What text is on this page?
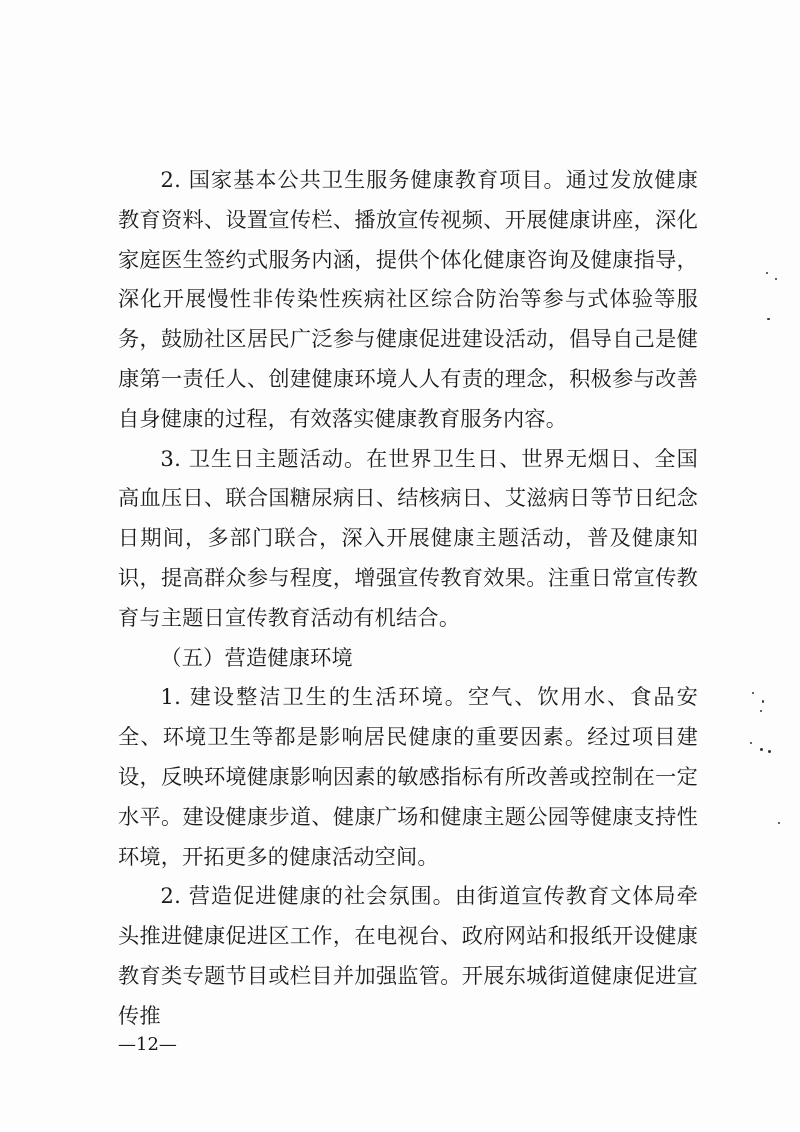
2. 国家基本公共卫生服务健康教育项目。通过发放健康教育资料、设置宣传栏、播放宣传视频、开展健康讲座，深化家庭医生签约式服务内涵，提供个体化健康咨询及健康指导，深化开展慢性非传染性疾病社区综合防治等参与式体验等服务，鼓励社区居民广泛参与健康促进建设活动，倡导自己是健康第一责任人、创建健康环境人人有责的理念，积极参与改善自身健康的过程，有效落实健康教育服务内容。

3. 卫生日主题活动。在世界卫生日、世界无烟日、全国高血压日、联合国糖尿病日、结核病日、艾滋病日等节日纪念日期间，多部门联合，深入开展健康主题活动，普及健康知识，提高群众参与程度，增强宣传教育效果。注重日常宣传教育与主题日宣传教育活动有机结合。

（五）营造健康环境

1. 建设整洁卫生的生活环境。空气、饮用水、食品安全、环境卫生等都是影响居民健康的重要因素。经过项目建设，反映环境健康影响因素的敏感指标有所改善或控制在一定水平。建设健康步道、健康广场和健康主题公园等健康支持性环境，开拓更多的健康活动空间。

2. 营造促进健康的社会氛围。由街道宣传教育文体局牵头推进健康促进区工作，在电视台、政府网站和报纸开设健康教育类专题节目或栏目并加强监管。开展东城街道健康促进宣传推

—12—
